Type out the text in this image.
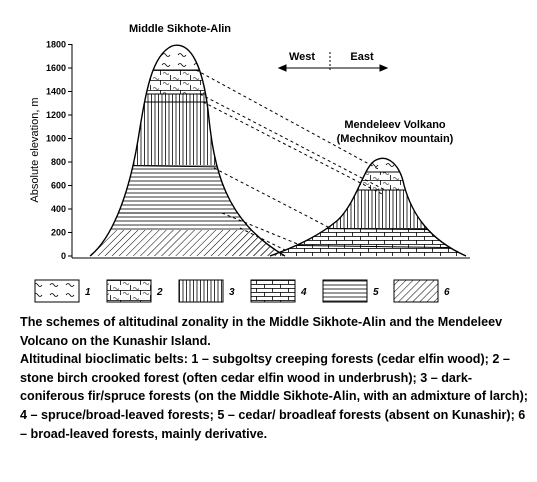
Middle Sikhote-Alin
Mendeleev Volkano
(Mechnikov mountain)
West	East
Absolute elevation, m
0
200
400
600
800
1000
1200
1400
1600
1800
1	2	3	4	5	6

The schemes of altitudinal zonality in the Middle Sikhote-Alin and the Mendeleev Volcano on the Kunashir Island.

Altitudinal bioclimatic belts: 1 – subgoltsy creeping forests (cedar elfin wood); 2 – stone birch crooked forest (often cedar elfin wood in underbrush); 3 – dark-coniferous fir/spruce forests (on the Middle Sikhote-Alin, with an admixture of larch); 4 – spruce/broad-leaved forests; 5 – cedar/ broadleaf forests (absent on Kunashir); 6 – broad-leaved forests, mainly derivative.
